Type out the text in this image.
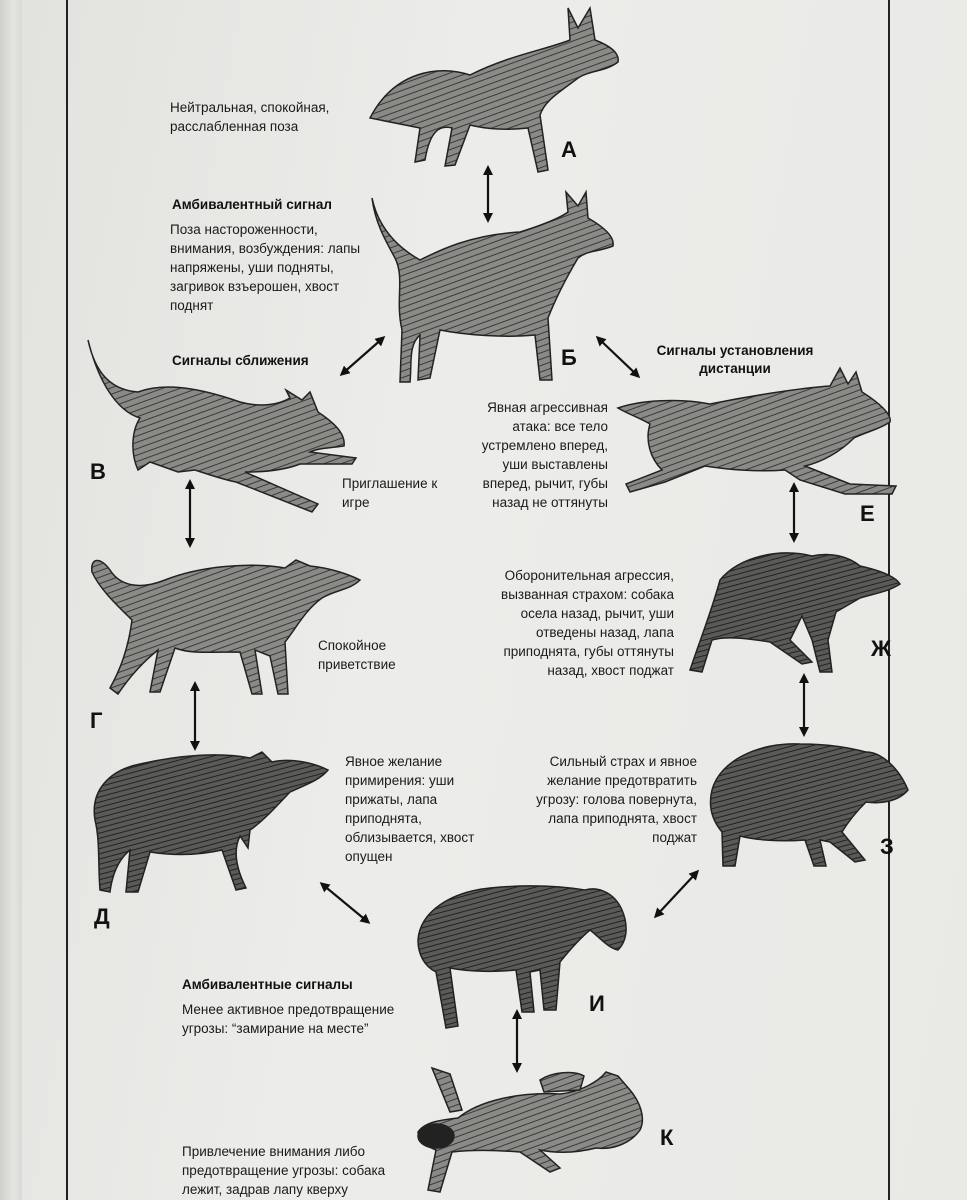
А
Б
В
Г
Д
Е
Ж
З
И
К

Нейтральная, спокойная, расслабленная поза

Амбивалентный сигнал

Поза настороженности, внимания, возбуждения: лапы напряжены, уши подняты, загривок взъерошен, хвост поднят

Сигналы сближения

Сигналы установления дистанции

Приглашение к игре

Явная агрессивная атака: все тело устремлено вперед, уши выставлены вперед, рычит, губы назад не оттянуты

Спокойное приветствие

Оборонительная агрессия, вызванная страхом: собака осела назад, рычит, уши отведены назад, лапа приподнята, губы оттянуты назад, хвост поджат

Явное желание примирения: уши прижаты, лапа приподнята, облизывается, хвост опущен

Сильный страх и явное желание предотвратить угрозу: голова повернута, лапа приподнята, хвост поджат

Амбивалентные сигналы

Менее активное предотвращение угрозы: “замирание на месте”

Привлечение внимания либо предотвращение угрозы: собака лежит, задрав лапу кверху
